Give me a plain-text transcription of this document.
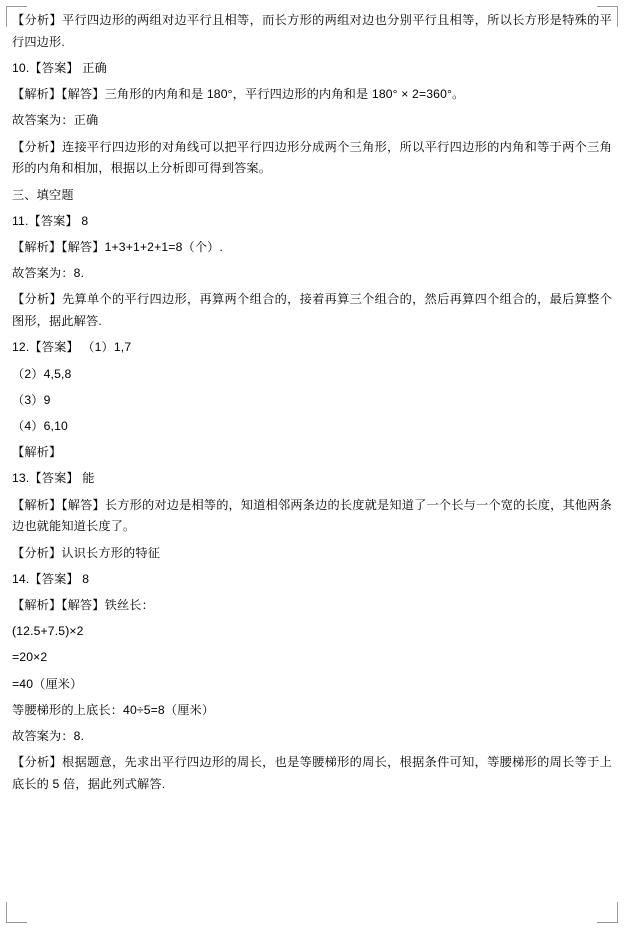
【分析】平行四边形的两组对边平行且相等，而长方形的两组对边也分别平行且相等，所以长方形是特殊的平行四边形.

10.【答案】 正确

【解析】【解答】三角形的内角和是 180°，平行四边形的内角和是 180° × 2=360°。

故答案为：正确

【分析】连接平行四边形的对角线可以把平行四边形分成两个三角形，所以平行四边形的内角和等于两个三角形的内角和相加，根据以上分析即可得到答案。

三、填空题

11.【答案】 8

【解析】【解答】1+3+1+2+1=8（个）.

故答案为：8.

【分析】先算单个的平行四边形，再算两个组合的，接着再算三个组合的，然后再算四个组合的，最后算整个图形，据此解答.

12.【答案】 （1）1,7

（2）4,5,8

（3）9

（4）6,10

【解析】

13.【答案】 能

【解析】【解答】长方形的对边是相等的，知道相邻两条边的长度就是知道了一个长与一个宽的长度，其他两条边也就能知道长度了。

【分析】认识长方形的特征

14.【答案】 8

【解析】【解答】铁丝长：

(12.5+7.5)×2

=20×2

=40（厘米）

等腰梯形的上底长：40÷5=8（厘米）

故答案为：8.

【分析】根据题意，先求出平行四边形的周长，也是等腰梯形的周长，根据条件可知，等腰梯形的周长等于上底长的 5 倍，据此列式解答.
